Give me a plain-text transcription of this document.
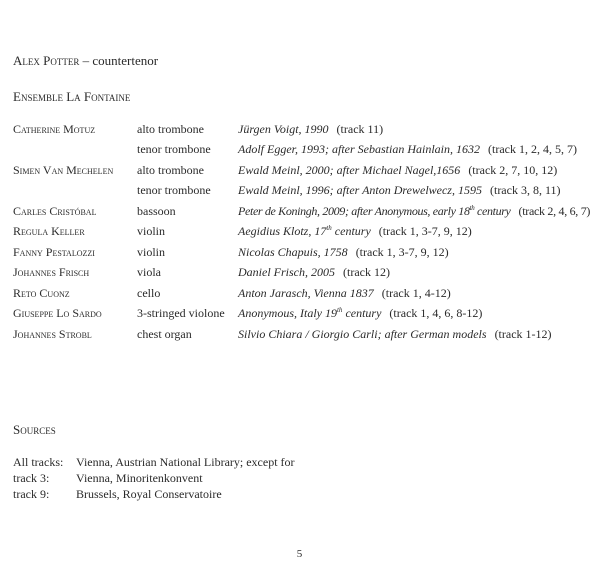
Alex Potter – countertenor
Ensemble La Fontaine
Catherine Motuz	alto trombone	Jürgen Voigt, 1990 (track 11)
	tenor trombone	Adolf Egger, 1993; after Sebastian Hainlain, 1632 (track 1, 2, 4, 5, 7)
Simen Van Mechelen	alto trombone	Ewald Meinl, 2000; after Michael Nagel,1656 (track 2, 7, 10, 12)
	tenor trombone	Ewald Meinl, 1996; after Anton Drewelwecz, 1595 (track 3, 8, 11)
Carles Cristóbal	bassoon	Peter de Koningh, 2009; after Anonymous, early 18th century (track 2, 4, 6, 7)
Regula Keller	violin	Aegidius Klotz, 17th century (track 1, 3-7, 9, 12)
Fanny Pestalozzi	violin	Nicolas Chapuis, 1758 (track 1, 3-7, 9, 12)
Johannes Frisch	viola	Daniel Frisch, 2005 (track 12)
Reto Cuonz	cello	Anton Jarasch, Vienna 1837 (track 1, 4-12)
Giuseppe Lo Sardo	3-stringed violone	Anonymous, Italy 19th century (track 1, 4, 6, 8-12)
Johannes Strobl	chest organ	Silvio Chiara / Giorgio Carli; after German models (track 1-12)
Sources
All tracks:	Vienna, Austrian National Library; except for
track 3:	Vienna, Minoritenkonvent
track 9:	Brussels, Royal Conservatoire
5
